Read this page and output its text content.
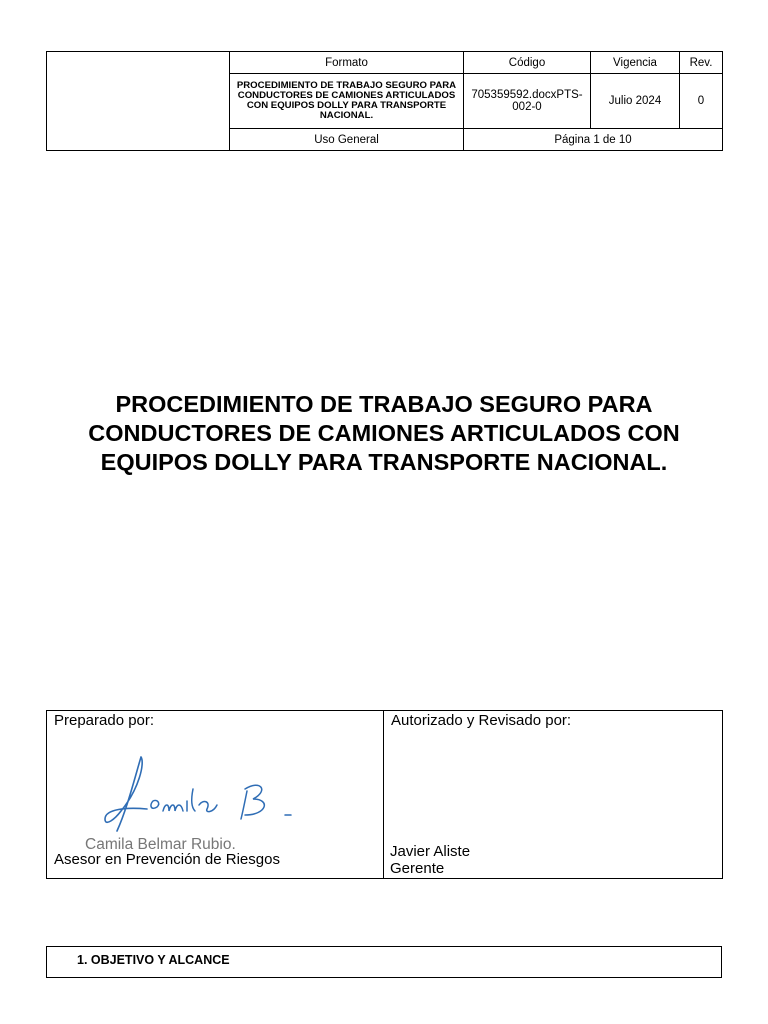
	Formato	Código	Vigencia	Rev.
	PROCEDIMIENTO DE TRABAJO SEGURO PARA CONDUCTORES DE CAMIONES ARTICULADOS CON EQUIPOS DOLLY PARA TRANSPORTE NACIONAL.	705359592.docxPTS-002-0	Julio 2024	0
	Uso General	Página 1 de 10		
PROCEDIMIENTO DE TRABAJO SEGURO PARA CONDUCTORES DE CAMIONES ARTICULADOS CON EQUIPOS DOLLY PARA TRANSPORTE NACIONAL.
Preparado por:
Camila Belmar Rubio.
Asesor en Prevención de Riesgos

Autorizado y Revisado por:
Javier Aliste
Gerente
1. OBJETIVO Y ALCANCE
